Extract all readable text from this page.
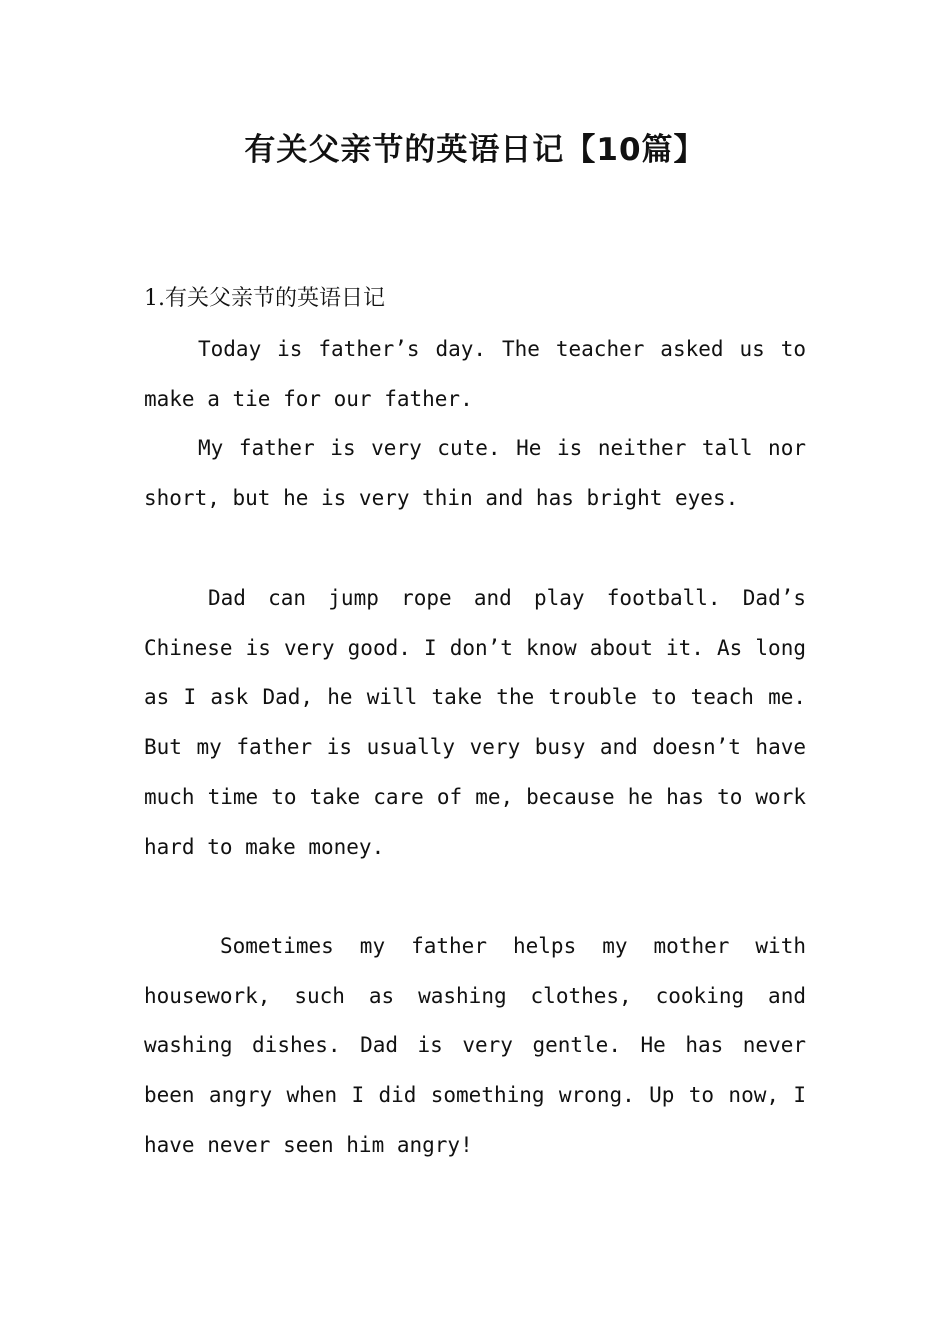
有关父亲节的英语日记【10篇】

1.有关父亲节的英语日记

Today is father’s day. The teacher asked us to make a tie for our father.

My father is very cute. He is neither tall nor short, but he is very thin and has bright eyes.

Dad can jump rope and play football. Dad’s Chinese is very good. I don’t know about it. As long as I ask Dad, he will take the trouble to teach me. But my father is usually very busy and doesn’t have much time to take care of me, because he has to work hard to make money.

Sometimes my father helps my mother with housework, such as washing clothes, cooking and washing dishes. Dad is very gentle. He has never been angry when I did something wrong. Up to now, I have never seen him angry!
